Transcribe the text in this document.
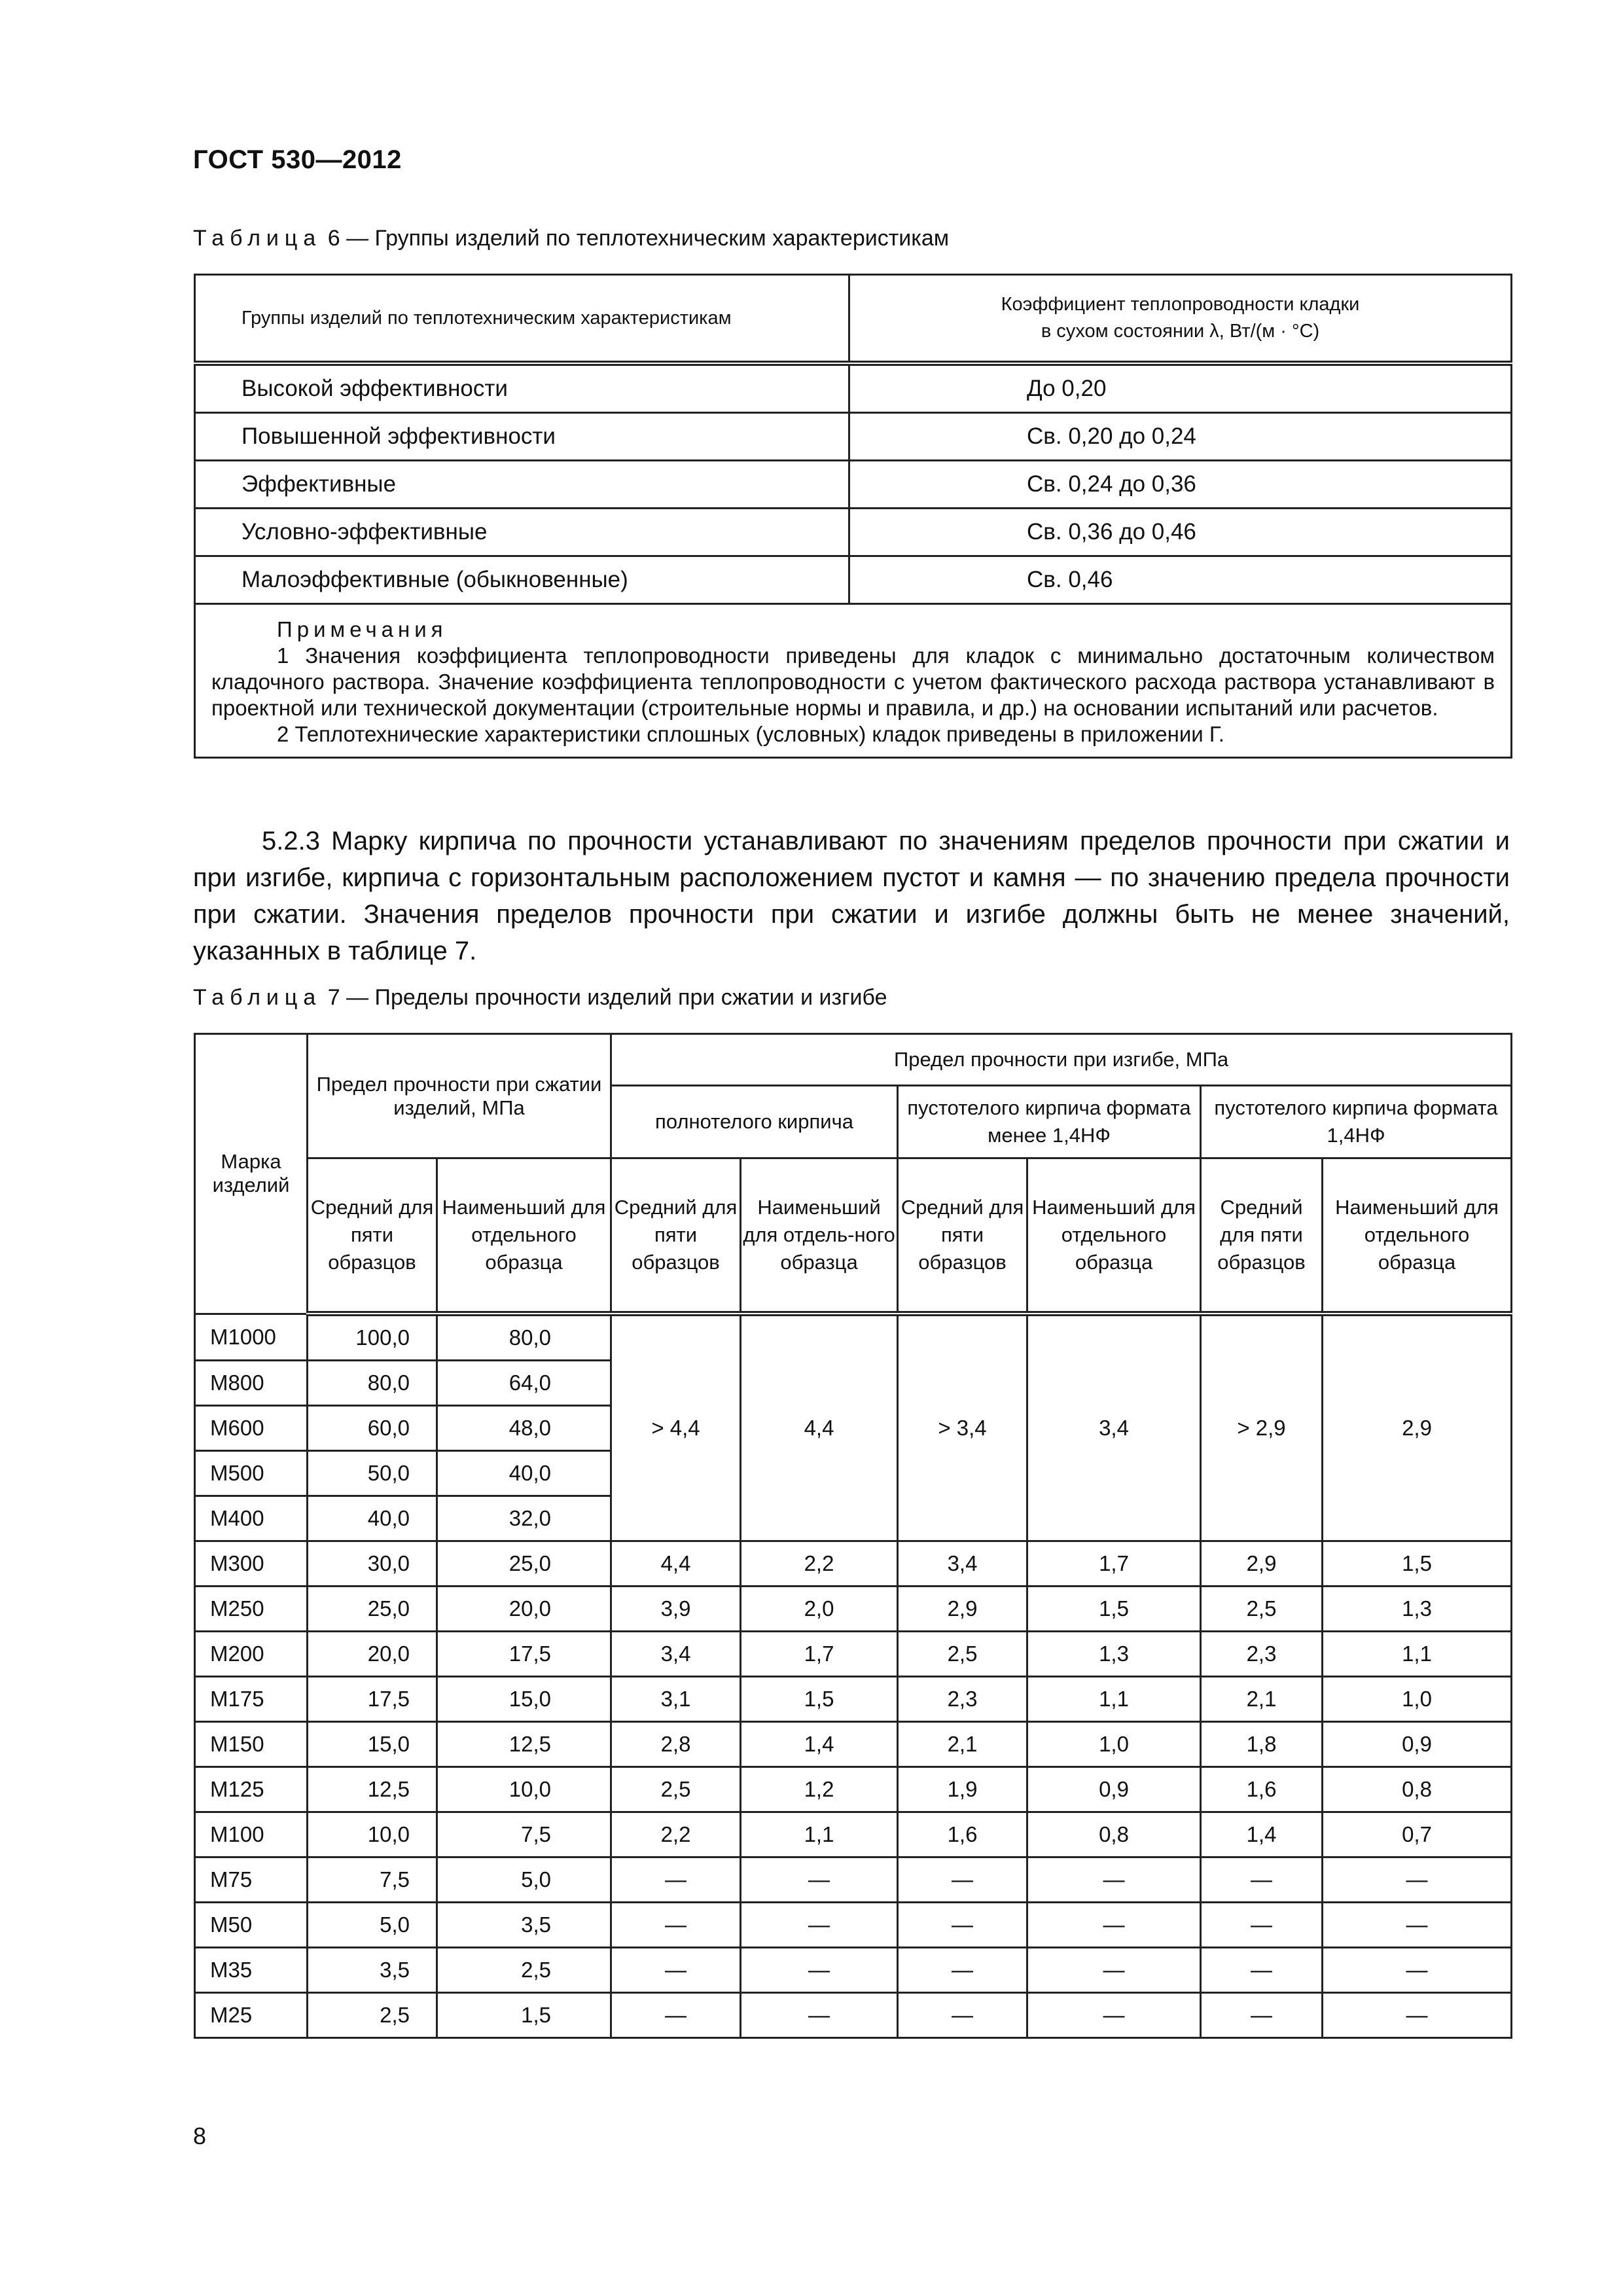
ГОСТ 530—2012
Таблица 6 — Группы изделий по теплотехническим характеристикам
Группы изделий по теплотехническим характеристикам	Коэффициент теплопроводности кладки
в сухом состоянии λ, Вт/(м · °С)
Высокой эффективности	До 0,20
Повышенной эффективности	Св. 0,20 до 0,24
Эффективные	Св. 0,24 до 0,36
Условно-эффективные	Св. 0,36 до 0,46
Малоэффективные (обыкновенные)	Св. 0,46

Примечания
1 Значения коэффициента теплопроводности приведены для кладок с минимально достаточным количеством кладочного раствора. Значение коэффициента теплопроводности с учетом фактического расхода раствора устанавливают в проектной или технической документации (строительные нормы и правила, и др.) на основании испытаний или расчетов.
2 Теплотехнические характеристики сплошных (условных) кладок приведены в приложении Г.	
5.2.3 Марку кирпича по прочности устанавливают по значениям пределов прочности при сжатии и при изгибе, кирпича с горизонтальным расположением пустот и камня — по значению предела прочности при сжатии. Значения пределов прочности при сжатии и изгибе должны быть не менее значений, указанных в таблице 7.
Таблица 7 — Пределы прочности изделий при сжатии и изгибе
Марка изделий	Предел прочности при сжатии изделий, МПа		Предел прочности при изгибе, МПа					
			полнотелого кирпича		пустотелого кирпича формата менее 1,4НФ		пустотелого кирпича формата 1,4НФ	
	Средний для пяти образцов	Наименьший для отдельного образца	Средний для пяти образцов	Наименьший для отдель-ного образца	Средний для пяти образцов	Наименьший для отдельного образца	Средний для пяти образцов	Наименьший для отдельного образца
М1000	100,0	80,0	> 4,4	4,4	> 3,4	3,4	> 2,9	2,9
М800	80,0	64,0						
М600	60,0	48,0						
М500	50,0	40,0						
М400	40,0	32,0						
М300	30,0	25,0	4,4	2,2	3,4	1,7	2,9	1,5
М250	25,0	20,0	3,9	2,0	2,9	1,5	2,5	1,3
М200	20,0	17,5	3,4	1,7	2,5	1,3	2,3	1,1
М175	17,5	15,0	3,1	1,5	2,3	1,1	2,1	1,0
М150	15,0	12,5	2,8	1,4	2,1	1,0	1,8	0,9
М125	12,5	10,0	2,5	1,2	1,9	0,9	1,6	0,8
М100	10,0	7,5	2,2	1,1	1,6	0,8	1,4	0,7
М75	7,5	5,0	—	—	—	—	—	—
М50	5,0	3,5	—	—	—	—	—	—
М35	3,5	2,5	—	—	—	—	—	—
М25	2,5	1,5	—	—	—	—	—	—
8
